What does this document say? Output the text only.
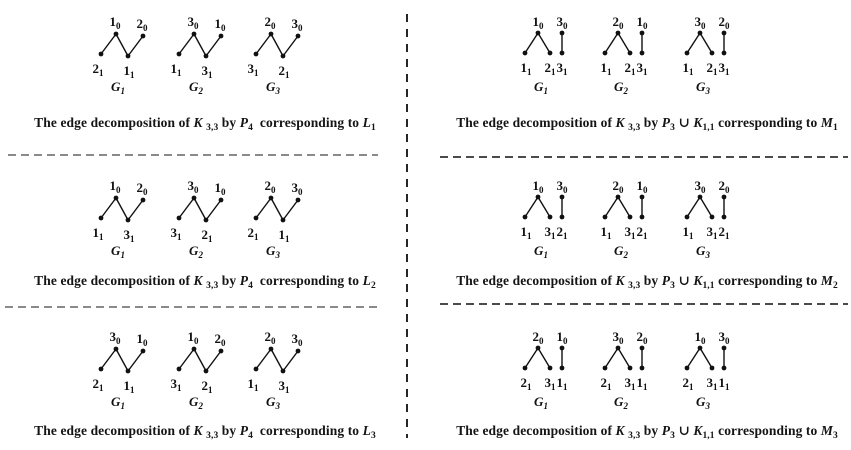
$1_0$ $2_0$
$2_1$ $1_1$
$G_1$
$3_0$ $1_0$
$1_1$ $3_1$
$G_2$
$2_0$ $3_0$
$3_1$ $2_1$
$G_3$
The edge decomposition of K $_{3,3}$ by $P_4$  corresponding to $L_1$
$1_0$ $2_0$
$1_1$ $3_1$
$G_1$
$3_0$ $1_0$
$3_1$ $2_1$
$G_2$
$2_0$ $3_0$
$2_1$ $1_1$
$G_3$
The edge decomposition of K $_{3,3}$ by $P_4$  corresponding to $L_2$
$3_0$ $1_0$
$2_1$ $1_1$
$G_1$
$1_0$ $2_0$
$3_1$ $2_1$
$G_2$
$2_0$ $3_0$
$1_1$ $3_1$
$G_3$
The edge decomposition of K $_{3,3}$ by $P_4$  corresponding to $L_3$
$1_0$ $3_0$
$1_1$ $2_1$ $3_1$
$G_1$
$2_0$ $1_0$
$1_1$ $2_1$ $3_1$
$G_2$
$3_0$ $2_0$
$1_1$ $2_1$ $3_1$
$G_3$
The edge decomposition of K $_{3,3}$ by $P_3$ ∪ $K_{1,1}$ corresponding to $M_1$
$1_0$ $3_0$
$1_1$ $3_1$ $2_1$
$G_1$
$2_0$ $1_0$
$1_1$ $3_1$ $2_1$
$G_2$
$3_0$ $2_0$
$1_1$ $3_1$ $2_1$
$G_3$
The edge decomposition of K $_{3,3}$ by $P_3$ ∪ $K_{1,1}$ corresponding to $M_2$
$2_0$ $1_0$
$2_1$ $3_1$ $1_1$
$G_1$
$3_0$ $2_0$
$2_1$ $3_1$ $1_1$
$G_2$
$1_0$ $3_0$
$2_1$ $3_1$ $1_1$
$G_3$
The edge decomposition of K $_{3,3}$ by $P_3$ ∪ $K_{1,1}$ corresponding to $M_3$
